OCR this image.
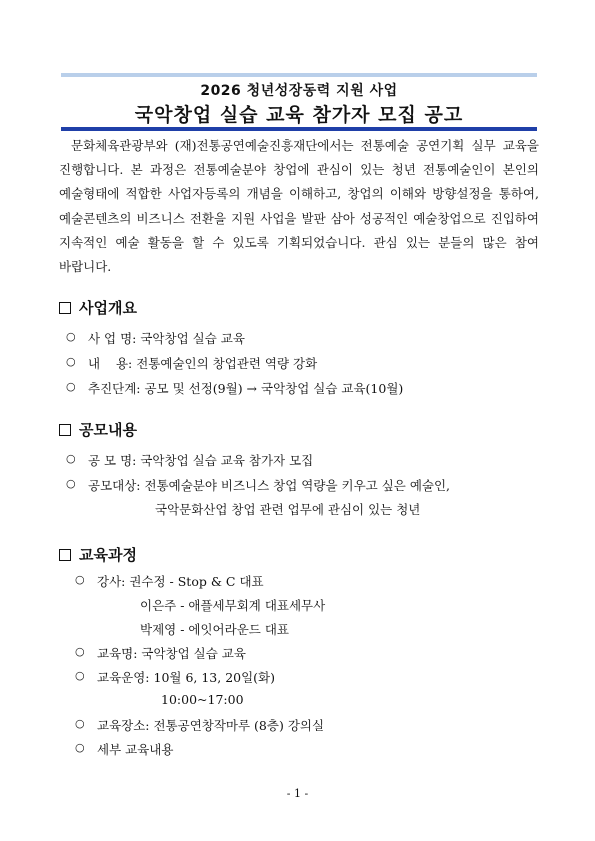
2026 청년성장동력 지원 사업
국악창업 실습 교육 참가자 모집 공고
문화체육관광부와 (재)전통공연예술진흥재단에서는 전통예술 공연기획 실무 교육을 진행합니다. 본 과정은 전통예술분야 창업에 관심이 있는 청년 전통예술인이 본인의 예술형태에 적합한 사업자등록의 개념을 이해하고, 창업의 이해와 방향설정을 통하여, 예술콘텐츠의 비즈니스 전환을 지원 사업을 발판 삼아 성공적인 예술창업으로 진입하여 지속적인 예술 활동을 할 수 있도록 기획되었습니다. 관심 있는 분들의 많은 참여 바랍니다.
사업개요
○ 사 업 명: 국악창업 실습 교육
○ 내    용: 전통예술인의 창업관련 역량 강화
○ 추진단계: 공모 및 선정(9월) → 국악창업 실습 교육(10월)
공모내용
○ 공 모 명: 국악창업 실습 교육 참가자 모집
○ 공모대상: 전통예술분야 비즈니스 창업 역량을 키우고 싶은 예술인,
국악문화산업 창업 관련 업무에 관심이 있는 청년
교육과정
○ 강사: 권수정 - Stop & C 대표
이은주 - 애플세무회계 대표세무사
박제영 - 에잇어라운드 대표
○ 교육명: 국악창업 실습 교육
○ 교육운영: 10월 6, 13, 20일(화)
10:00~17:00
○ 교육장소: 전통공연창작마루 (8층) 강의실
○ 세부 교육내용
- 1 -
